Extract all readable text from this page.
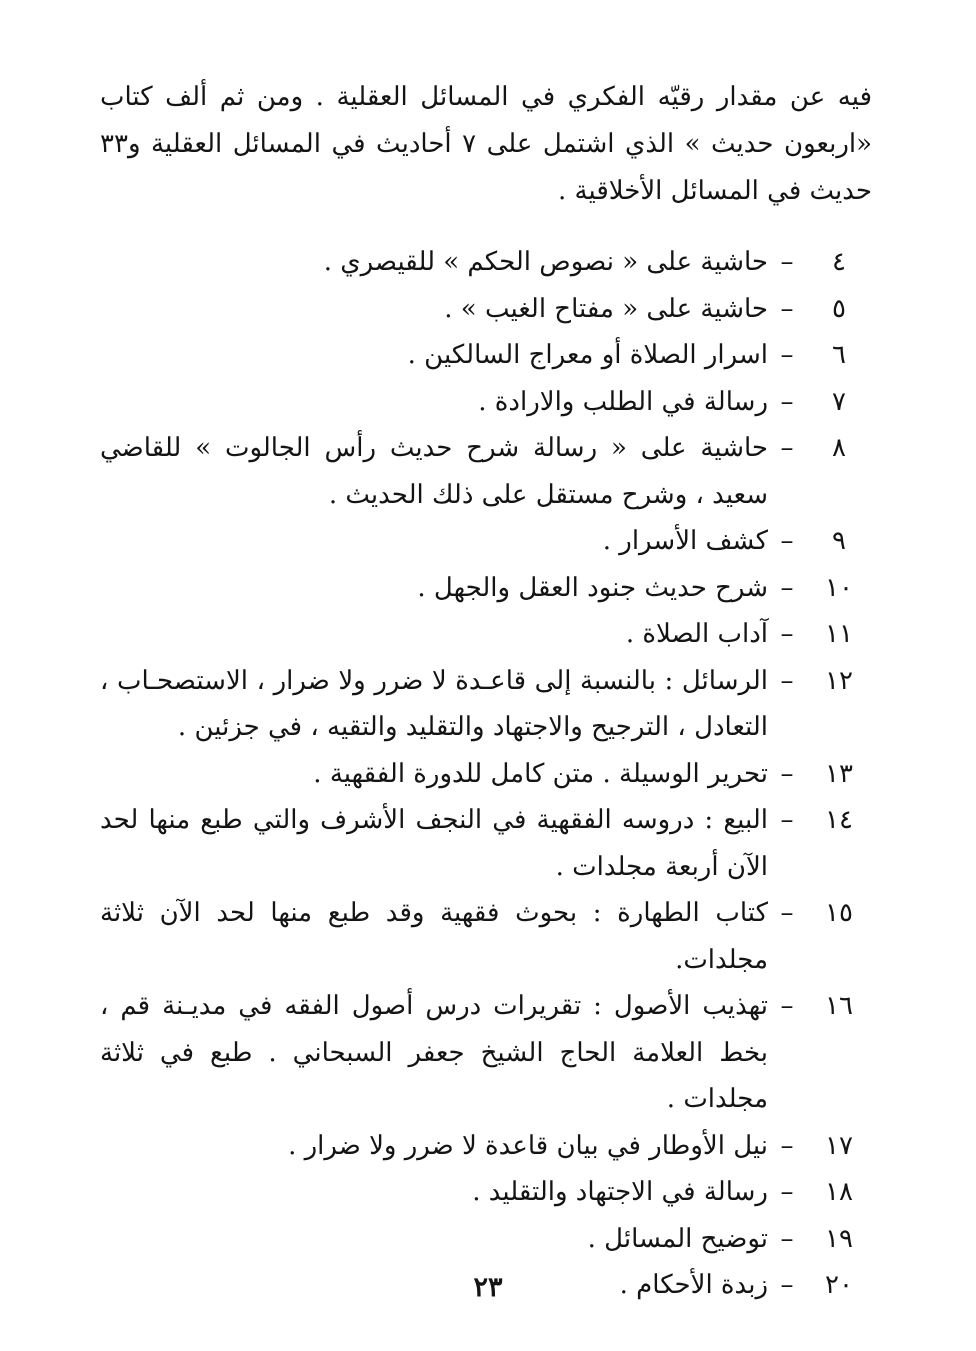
فيه عن مقدار رقيّه الفكري في المسائل العقلية . ومن ثم ألف كتاب «اربعون حديث » الذي اشتمل على ٧ أحاديث في المسائل العقلية و٣٣ حديث في المسائل الأخلاقية .

٤
–
حاشية على « نصوص الحكم » للقيصري .
٥
–
حاشية على « مفتاح الغيب » .
٦
–
اسرار الصلاة أو معراج السالكين .
٧
–
رسالة في الطلب والارادة .
٨
–
حاشية على « رسالة شرح حديث رأس الجالوت » للقاضي سعيد ، وشرح مستقل على ذلك الحديث .
٩
–
كشف الأسرار .
١٠
–
شرح حديث جنود العقل والجهل .
١١
–
آداب الصلاة .
١٢
–
الرسائل : بالنسبة إلى قاعـدة لا ضرر ولا ضرار ، الاستصحـاب ، التعادل ، الترجيح والاجتهاد والتقليد والتقيه ، في جزئين .
١٣
–
تحرير الوسيلة . متن كامل للدورة الفقهية .
١٤
–
البيع : دروسه الفقهية في النجف الأشرف والتي طبع منها لحد الآن أربعة مجلدات .
١٥
–
كتاب الطهارة : بحوث فقهية وقد طبع منها لحد الآن ثلاثة مجلدات.
١٦
–
تهذيب الأصول : تقريرات درس أصول الفقه في مديـنة قم ، بخط العلامة الحاج الشيخ جعفر السبحاني . طبع في ثلاثة مجلدات .
١٧
–
نيل الأوطار في بيان قاعدة لا ضرر ولا ضرار .
١٨
–
رسالة في الاجتهاد والتقليد .
١٩
–
توضيح المسائل .
٢٠
–
زبدة الأحكام .
٢٣
